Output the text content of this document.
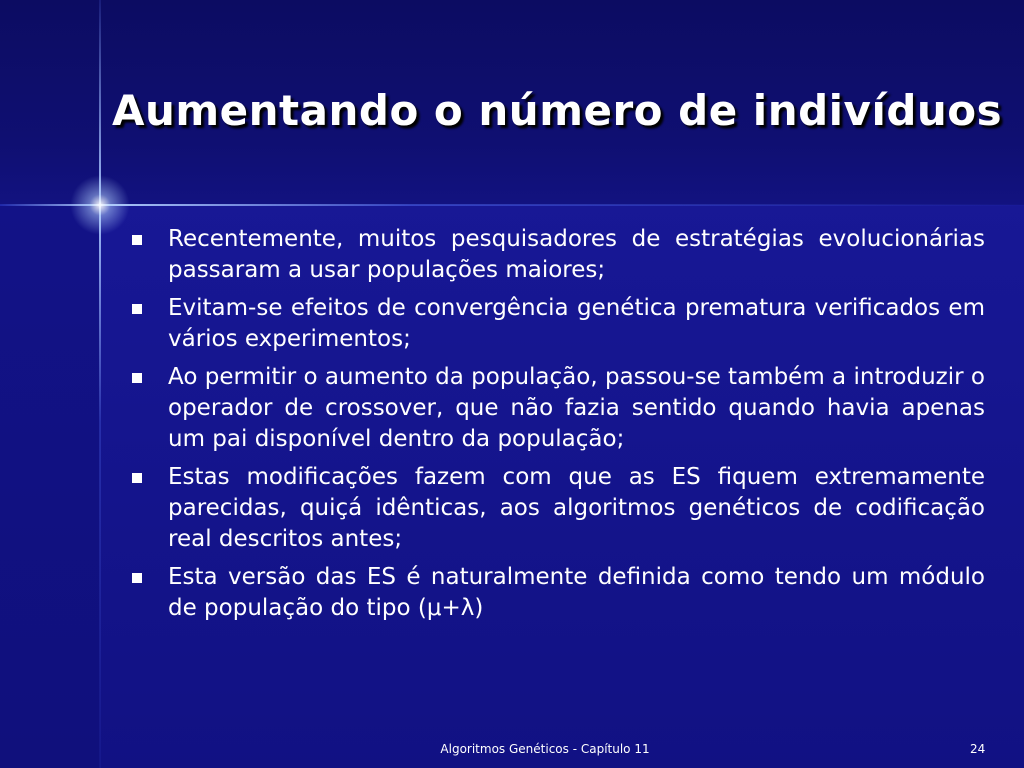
Aumentando o número de indivíduos
Recentemente, muitos pesquisadores de estratégias evolucionárias passaram a usar populações maiores;
Evitam-se efeitos de convergência genética prematura verificados em vários experimentos;
Ao permitir o aumento da população, passou-se também a introduzir o operador de crossover, que não fazia sentido quando havia apenas um pai disponível dentro da população;
Estas modificações fazem com que as ES fiquem extremamente parecidas, quiçá idênticas, aos algoritmos genéticos de codificação real descritos antes;
Esta versão das ES é naturalmente definida como tendo um módulo de população do tipo (μ+λ)
Algoritmos Genéticos - Capítulo 11	24
